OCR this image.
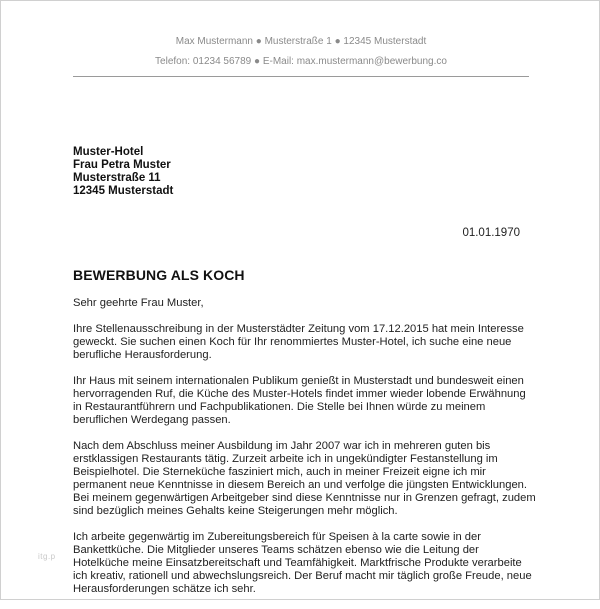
Max Mustermann ● Musterstraße 1 ● 12345 Musterstadt
Telefon: 01234 56789 ● E-Mail: max.mustermann@bewerbung.co
Muster-Hotel
Frau Petra Muster
Musterstraße 11
12345 Musterstadt
01.01.1970
BEWERBUNG ALS KOCH

Sehr geehrte Frau Muster,

Ihre Stellenausschreibung in der Musterstädter Zeitung vom 17.12.2015 hat mein Interesse geweckt. Sie suchen einen Koch für Ihr renommiertes Muster-Hotel, ich suche eine neue berufliche Herausforderung.

Ihr Haus mit seinem internationalen Publikum genießt in Musterstadt und bundesweit einen hervorragenden Ruf, die Küche des Muster-Hotels findet immer wieder lobende Erwähnung in Restaurantführern und Fachpublikationen. Die Stelle bei Ihnen würde zu meinem beruflichen Werdegang passen.

Nach dem Abschluss meiner Ausbildung im Jahr 2007 war ich in mehreren guten bis erstklassigen Restaurants tätig. Zurzeit arbeite ich in ungekündigter Festanstellung im Beispielhotel. Die Sterneküche fasziniert mich, auch in meiner Freizeit eigne ich mir permanent neue Kenntnisse in diesem Bereich an und verfolge die jüngsten Entwicklungen. Bei meinem gegenwärtigen Arbeitgeber sind diese Kenntnisse nur in Grenzen gefragt, zudem sind bezüglich meines Gehalts keine Steigerungen mehr möglich.

Ich arbeite gegenwärtig im Zubereitungsbereich für Speisen à la carte sowie in der Bankettküche. Die Mitglieder unseres Teams schätzen ebenso wie die Leitung der Hotelküche meine Einsatzbereitschaft und Teamfähigkeit. Marktfrische Produkte verarbeite ich kreativ, rationell und abwechslungsreich. Der Beruf macht mir täglich große Freude, neue Herausforderungen schätze ich sehr.

itg.p
